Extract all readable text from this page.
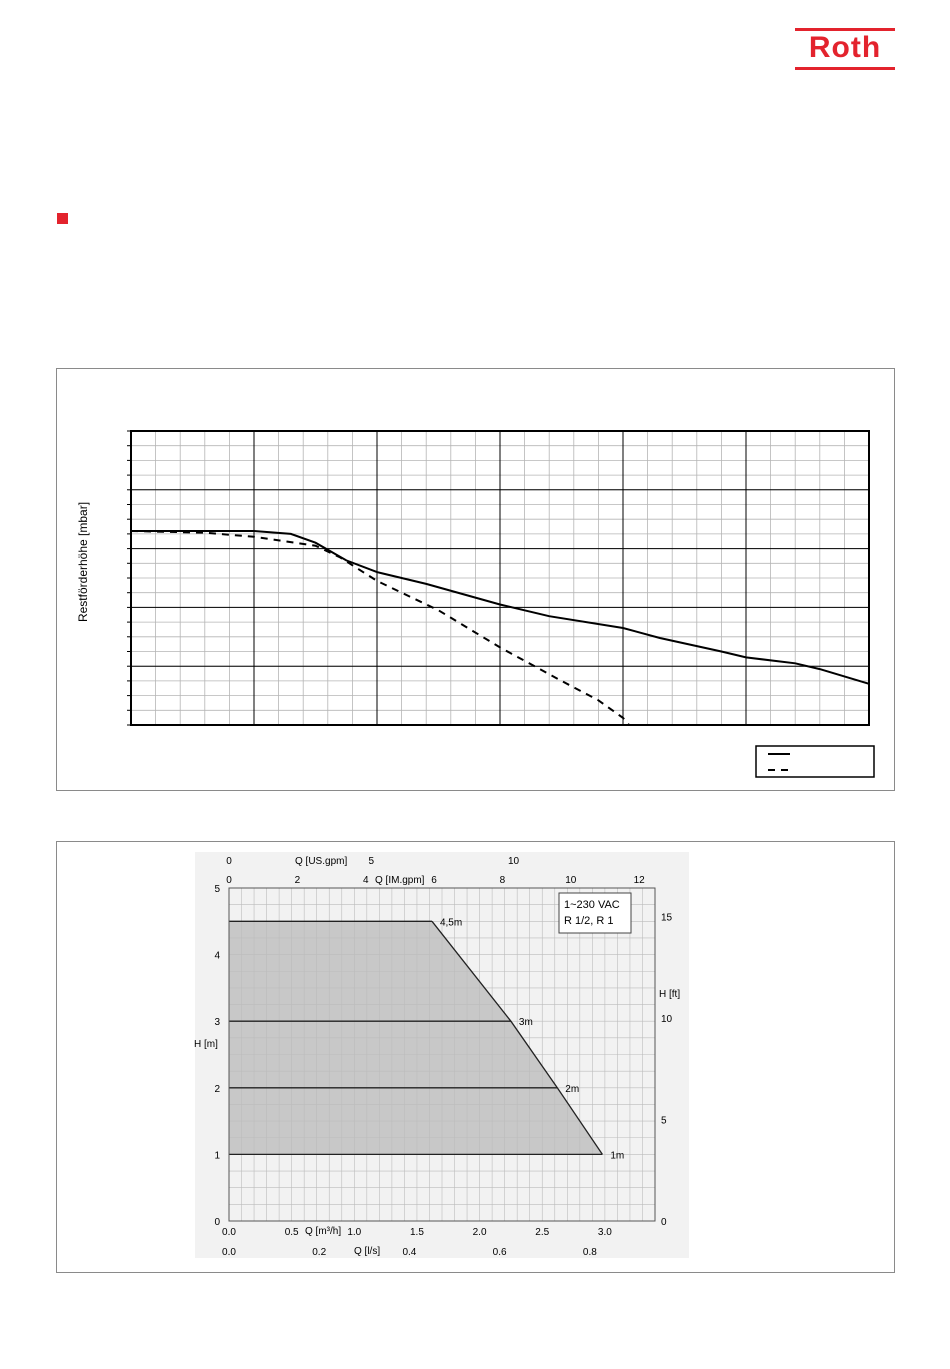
Roth
Restförderhöhe [mbar]
4,5m
3m
2m
1m
0.0	0.5	1.0	1.5	2.0	2.5	3.0
0
1
2
3
4
5
0	5	10
0	2	4	6	8	10	12
0
5
10
15
0.0	0.2	0.4	0.6	0.8
Q [US.gpm]
Q [IM.gpm]
H [m]
H [ft]
Q [m³/h]
Q [l/s]
1~230 VAC
R 1/2, R 1
